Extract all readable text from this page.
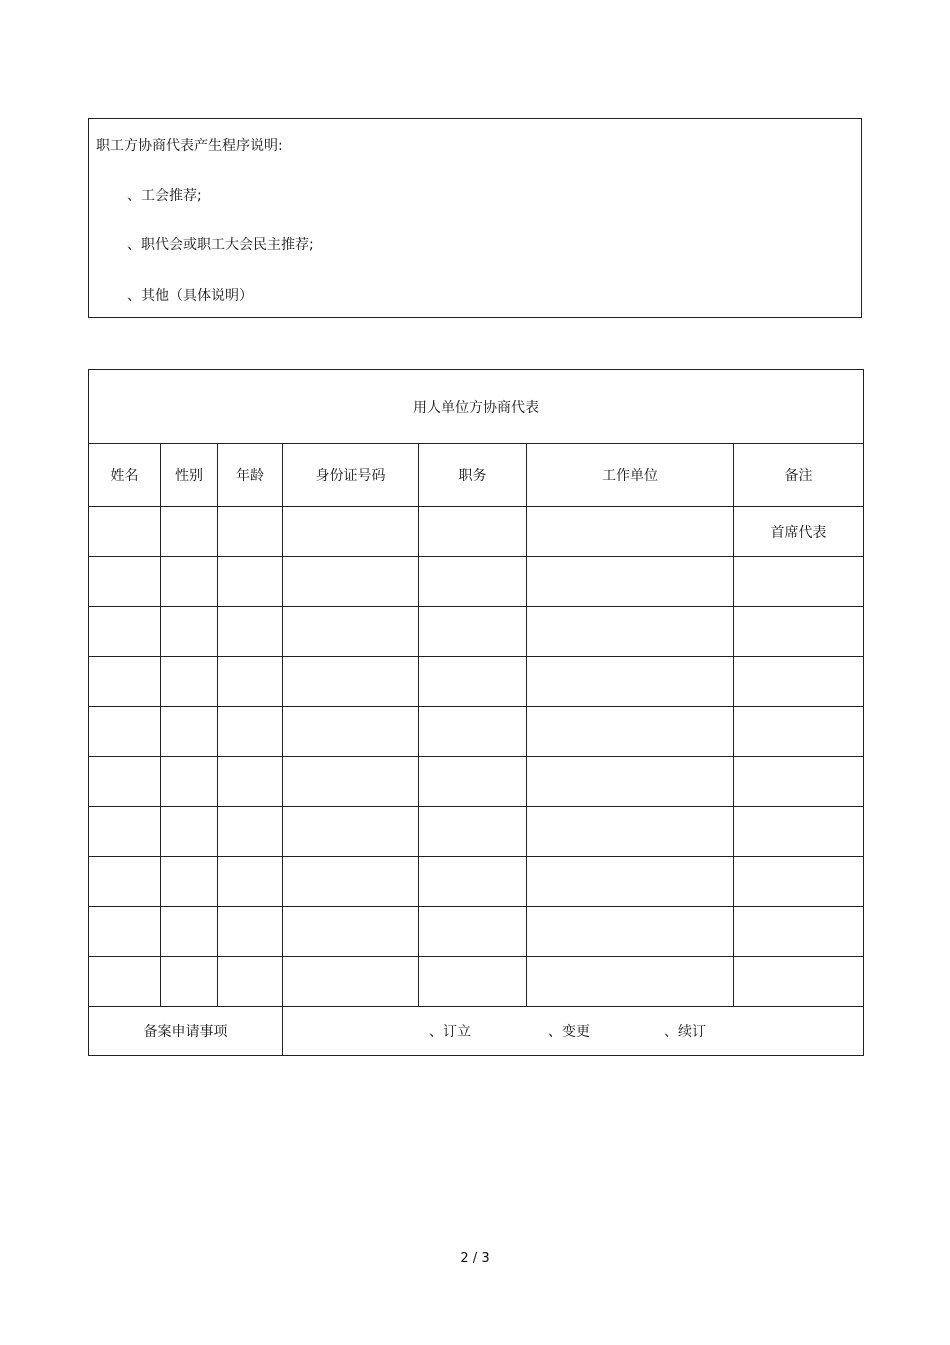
职工方协商代表产生程序说明:
、工会推荐;
、职代会或职工大会民主推荐;
、其他（具体说明）
用人单位方协商代表						
姓名	性别	年龄	身份证号码	职务	工作单位	备注
						首席代表

备案申请事项			、订立 、变更 、续订			
2 / 3
